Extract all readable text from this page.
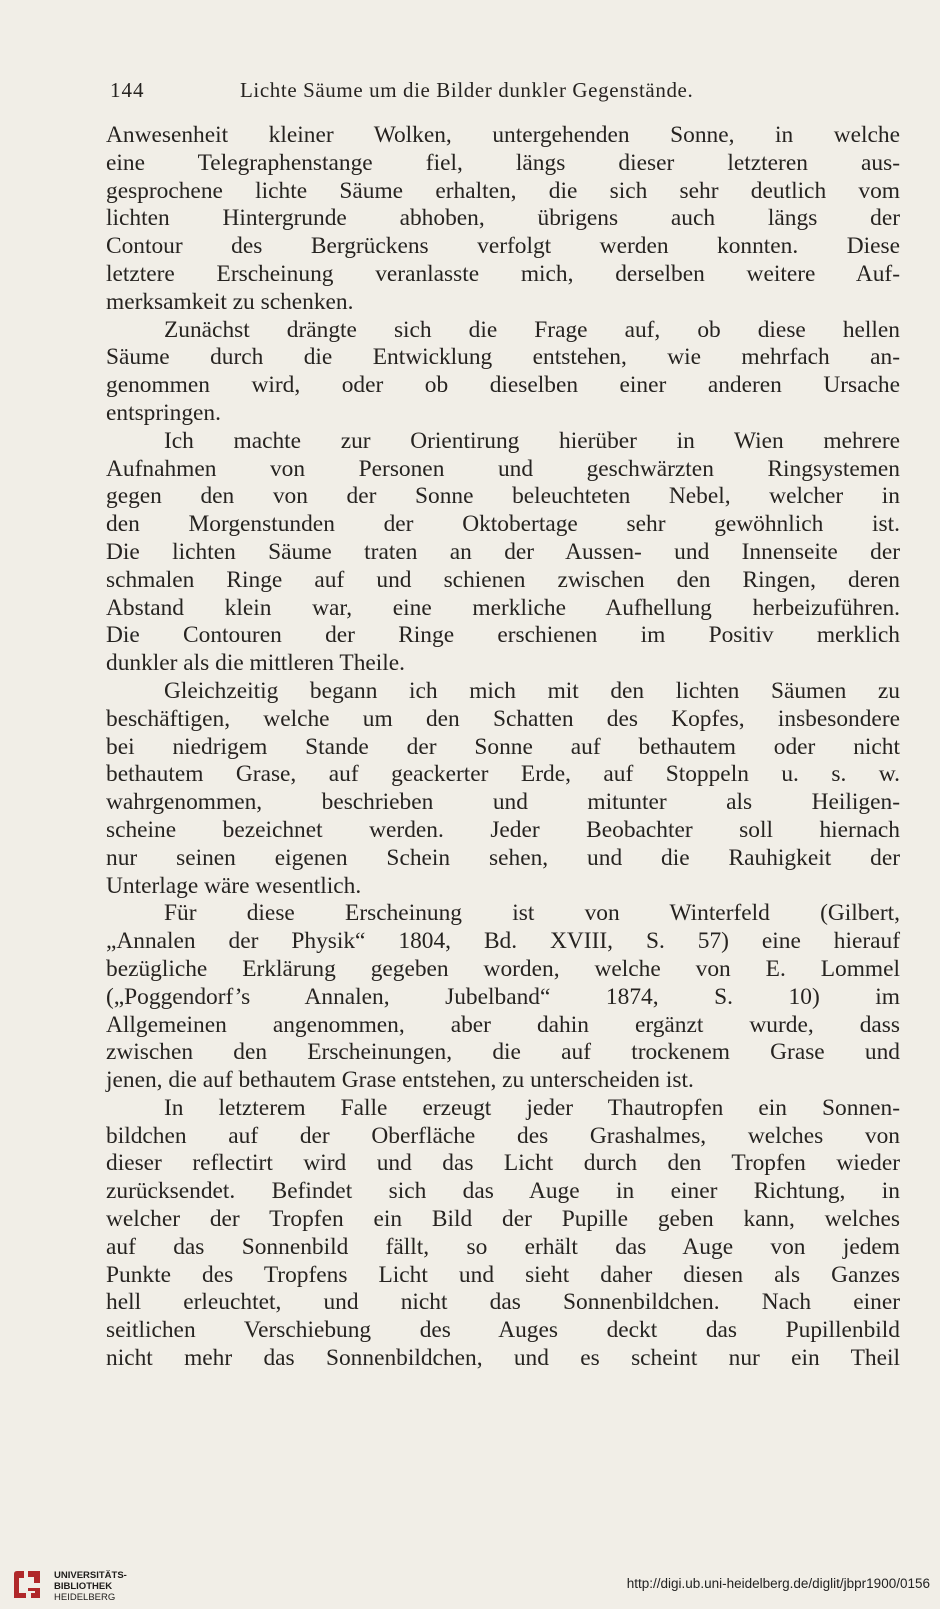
144	Lichte Säume um die Bilder dunkler Gegenstände.
Anwesenheit kleiner Wolken, untergehenden Sonne, in welche
eine Telegraphenstange fiel, längs dieser letzteren aus-
gesprochene lichte Säume erhalten, die sich sehr deutlich vom
lichten Hintergrunde abhoben, übrigens auch längs der
Contour des Bergrückens verfolgt werden konnten. Diese
letztere Erscheinung veranlasste mich, derselben weitere Auf-
merksamkeit zu schenken.
Zunächst drängte sich die Frage auf, ob diese hellen
Säume durch die Entwicklung entstehen, wie mehrfach an-
genommen wird, oder ob dieselben einer anderen Ursache
entspringen.
Ich machte zur Orientirung hierüber in Wien mehrere
Aufnahmen von Personen und geschwärzten Ringsystemen
gegen den von der Sonne beleuchteten Nebel, welcher in
den Morgenstunden der Oktobertage sehr gewöhnlich ist.
Die lichten Säume traten an der Aussen- und Innenseite der
schmalen Ringe auf und schienen zwischen den Ringen, deren
Abstand klein war, eine merkliche Aufhellung herbeizuführen.
Die Contouren der Ringe erschienen im Positiv merklich
dunkler als die mittleren Theile.
Gleichzeitig begann ich mich mit den lichten Säumen zu
beschäftigen, welche um den Schatten des Kopfes, insbesondere
bei niedrigem Stande der Sonne auf bethautem oder nicht
bethautem Grase, auf geackerter Erde, auf Stoppeln u. s. w.
wahrgenommen, beschrieben und mitunter als Heiligen-
scheine bezeichnet werden. Jeder Beobachter soll hiernach
nur seinen eigenen Schein sehen, und die Rauhigkeit der
Unterlage wäre wesentlich.
Für diese Erscheinung ist von Winterfeld (Gilbert,
„Annalen der Physik“ 1804, Bd. XVIII, S. 57) eine hierauf
bezügliche Erklärung gegeben worden, welche von E. Lommel
(„Poggendorf’s Annalen, Jubelband“ 1874, S. 10) im
Allgemeinen angenommen, aber dahin ergänzt wurde, dass
zwischen den Erscheinungen, die auf trockenem Grase und
jenen, die auf bethautem Grase entstehen, zu unterscheiden ist.
In letzterem Falle erzeugt jeder Thautropfen ein Sonnen-
bildchen auf der Oberfläche des Grashalmes, welches von
dieser reflectirt wird und das Licht durch den Tropfen wieder
zurücksendet. Befindet sich das Auge in einer Richtung, in
welcher der Tropfen ein Bild der Pupille geben kann, welches
auf das Sonnenbild fällt, so erhält das Auge von jedem
Punkte des Tropfens Licht und sieht daher diesen als Ganzes
hell erleuchtet, und nicht das Sonnenbildchen. Nach einer
seitlichen Verschiebung des Auges deckt das Pupillenbild
nicht mehr das Sonnenbildchen, und es scheint nur ein Theil
UNIVERSITÄTS-
BIBLIOTHEK
HEIDELBERG
http://digi.ub.uni-heidelberg.de/diglit/jbpr1900/0156
